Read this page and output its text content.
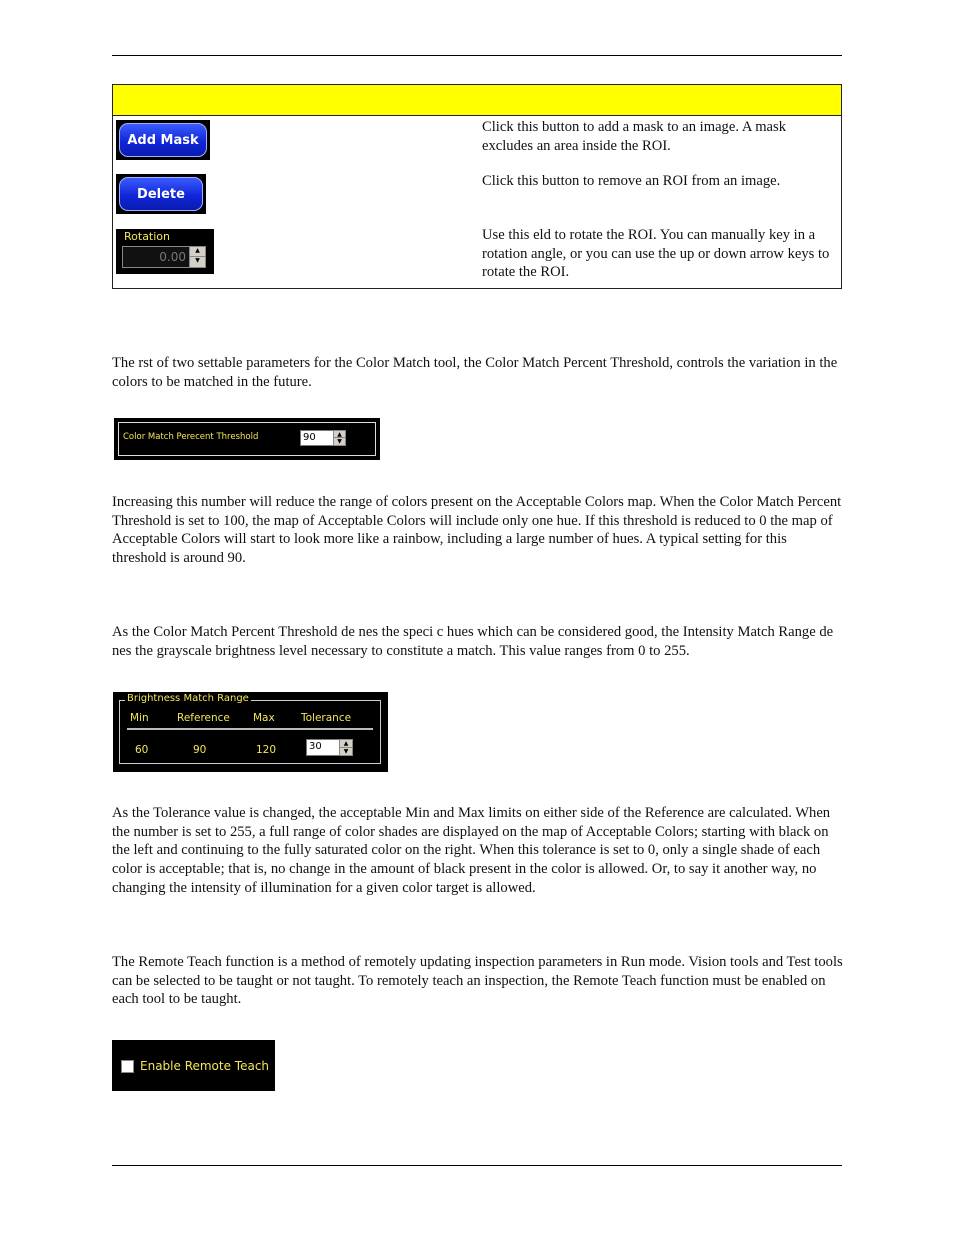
Add Mask
Click this button to add a mask to an image. A mask excludes an area inside the ROI.
Delete
Click this button to remove an ROI from an image.
Rotation
0.00	▲
▼
Use this eld to rotate the ROI. You can manually key in a rotation angle, or you can use the up or down arrow keys to rotate the ROI.

The rst of two settable parameters for the Color Match tool, the Color Match Percent Threshold, controls the variation in the colors to be matched in the future.

Color Match Perecent Threshold	90	▲
▼

Increasing this number will reduce the range of colors present on the Acceptable Colors map. When the Color Match Percent Threshold is set to 100, the map of Acceptable Colors will include only one hue. If this threshold is reduced to 0 the map of Acceptable Colors will start to look more like a rainbow, including a large number of hues. A typical setting for this threshold is around 90.

As the Color Match Percent Threshold de nes the speci c hues which can be considered good, the Intensity Match Range de nes the grayscale brightness level necessary to constitute a match. This value ranges from 0 to 255.

Brightness Match Range
Min	Reference Max	Tolerance
60	90	120	30	▲
▼

As the Tolerance value is changed, the acceptable Min and Max limits on either side of the Reference are calculated. When the number is set to 255, a full range of color shades are displayed on the map of Acceptable Colors; starting with black on the left and continuing to the fully saturated color on the right. When this tolerance is set to 0, only a single shade of each color is acceptable; that is, no change in the amount of black present in the color is allowed. Or, to say it another way, no changing the intensity of illumination for a given color target is allowed.

The Remote Teach function is a method of remotely updating inspection parameters in Run mode. Vision tools and Test tools can be selected to be taught or not taught. To remotely teach an inspection, the Remote Teach function must be enabled on each tool to be taught.

Enable Remote Teach
